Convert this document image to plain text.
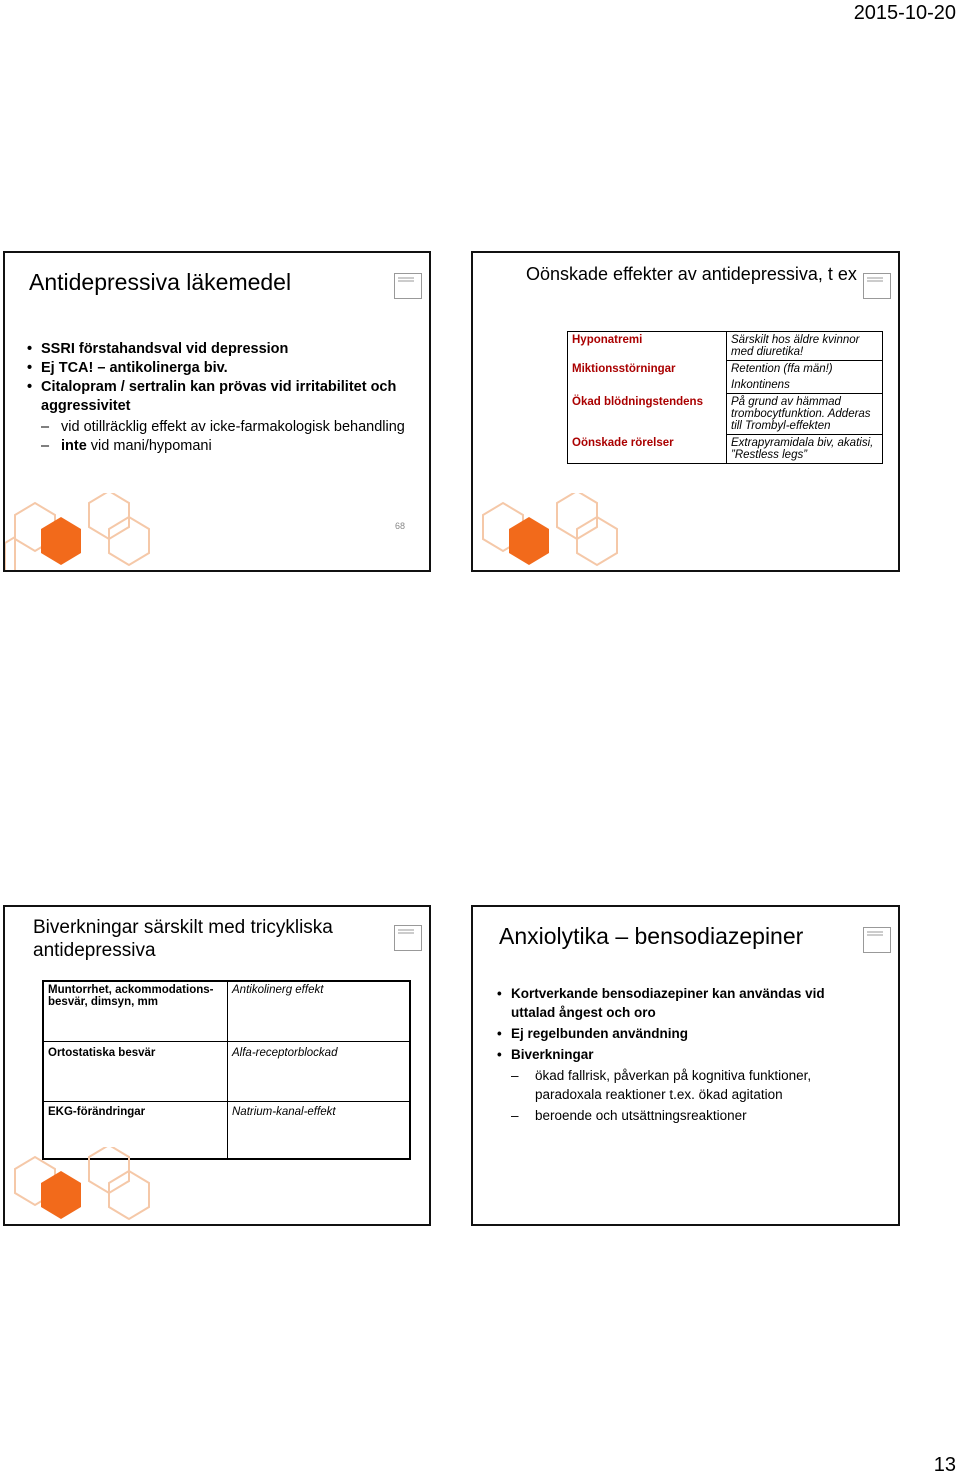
2015-10-20
Antidepressiva läkemedel
• SSRI förstahandsval vid depression
• Ej TCA! – antikolinerga biv.
• Citalopram / sertralin kan prövas vid irritabilitet och aggressivitet
– vid otillräcklig effekt av icke-farmakologisk behandling
– inte vid mani/hypomani
Oönskade effekter av antidepressiva, t ex
Hyponatremi	Särskilt hos äldre kvinnor med diuretika!
Miktionsstörningar	Retention (ffa män!)
	Inkontinens
Ökad blödningstendens	På grund av hämmad trombocytfunktion. Adderas till Trombyl-effekten
Oönskade rörelser	Extrapyramidala biv, akatisi, ”Restless legs”
68
Biverkningar särskilt med tricykliska antidepressiva
Muntorrhet, ackommodations-besvär, dimsyn, mm	Antikolinerg effekt
Ortostatiska besvär	Alfa-receptorblockad
EKG-förändringar	Natrium-kanal-effekt
Anxiolytika – bensodiazepiner
• Kortverkande bensodiazepiner kan användas vid uttalad ångest och oro
• Ej regelbunden användning
• Biverkningar
– ökad fallrisk, påverkan på kognitiva funktioner, paradoxala reaktioner t.ex. ökad agitation
– beroende och utsättningsreaktioner
13
